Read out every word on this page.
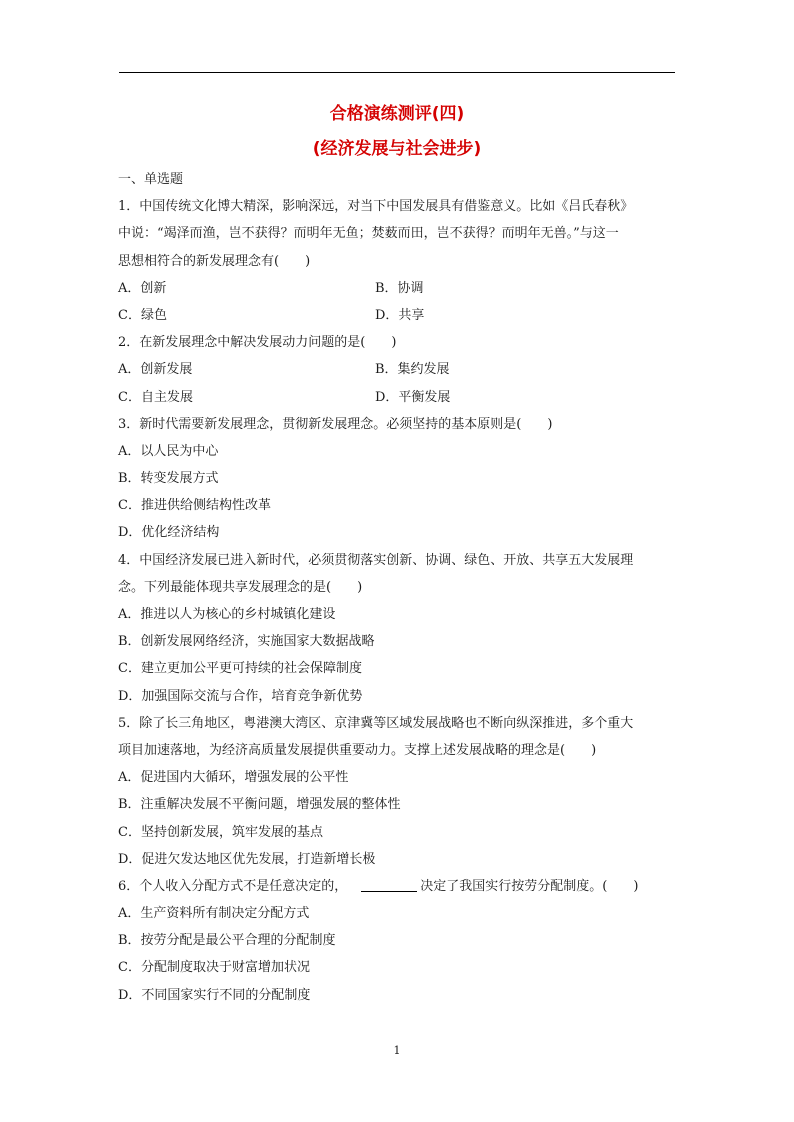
合格演练测评(四)
(经济发展与社会进步)
一、单选题
1．中国传统文化博大精深，影响深远，对当下中国发展具有借鉴意义。比如《吕氏春秋》
中说：“竭泽而渔，岂不获得？而明年无鱼；焚薮而田，岂不获得？而明年无兽。”与这一
思想相符合的新发展理念有(　　)
A．创新	B．协调
C．绿色	D．共享
2．在新发展理念中解决发展动力问题的是(　　)
A．创新发展	B．集约发展
C．自主发展	D．平衡发展
3．新时代需要新发展理念，贯彻新发展理念。必须坚持的基本原则是(　　)
A．以人民为中心
B．转变发展方式
C．推进供给侧结构性改革
D．优化经济结构
4．中国经济发展已进入新时代，必须贯彻落实创新、协调、绿色、开放、共享五大发展理
念。下列最能体现共享发展理念的是(　　)
A．推进以人为核心的乡村城镇化建设
B．创新发展网络经济，实施国家大数据战略
C．建立更加公平更可持续的社会保障制度
D．加强国际交流与合作，培育竞争新优势
5．除了长三角地区，粤港澳大湾区、京津冀等区域发展战略也不断向纵深推进，多个重大
项目加速落地，为经济高质量发展提供重要动力。支撑上述发展战略的理念是(　　)
A．促进国内大循环，增强发展的公平性
B．注重解决发展不平衡问题，增强发展的整体性
C．坚持创新发展，筑牢发展的基点
D．促进欠发达地区优先发展，打造新增长极
6．个人收入分配方式不是任意决定的，	决定了我国实行按劳分配制度。(　　)
A．生产资料所有制决定分配方式
B．按劳分配是最公平合理的分配制度
C．分配制度取决于财富增加状况
D．不同国家实行不同的分配制度
1
